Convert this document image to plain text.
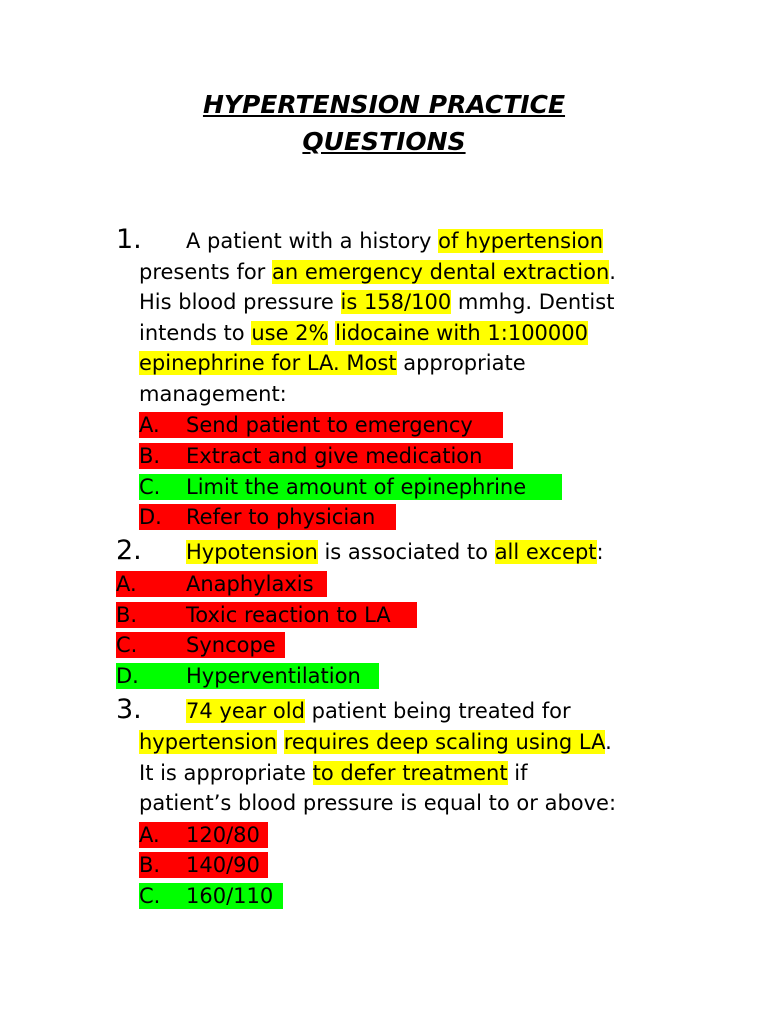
HYPERTENSION PRACTICE
QUESTIONS
1. A patient with a history of hypertension
presents for an emergency dental extraction.
His blood pressure is 158/100 mmhg. Dentist
intends to use 2% lidocaine with 1:100000
epinephrine for LA. Most appropriate
management:
A. Send patient to emergency
B. Extract and give medication
C. Limit the amount of epinephrine
D. Refer to physician
2. Hypotension is associated to all except:
A. Anaphylaxis
B. Toxic reaction to LA
C. Syncope
D. Hyperventilation
3. 74 year old patient being treated for
hypertension requires deep scaling using LA.
It is appropriate to defer treatment if
patient’s blood pressure is equal to or above:
A. 120/80
B. 140/90
C. 160/110
